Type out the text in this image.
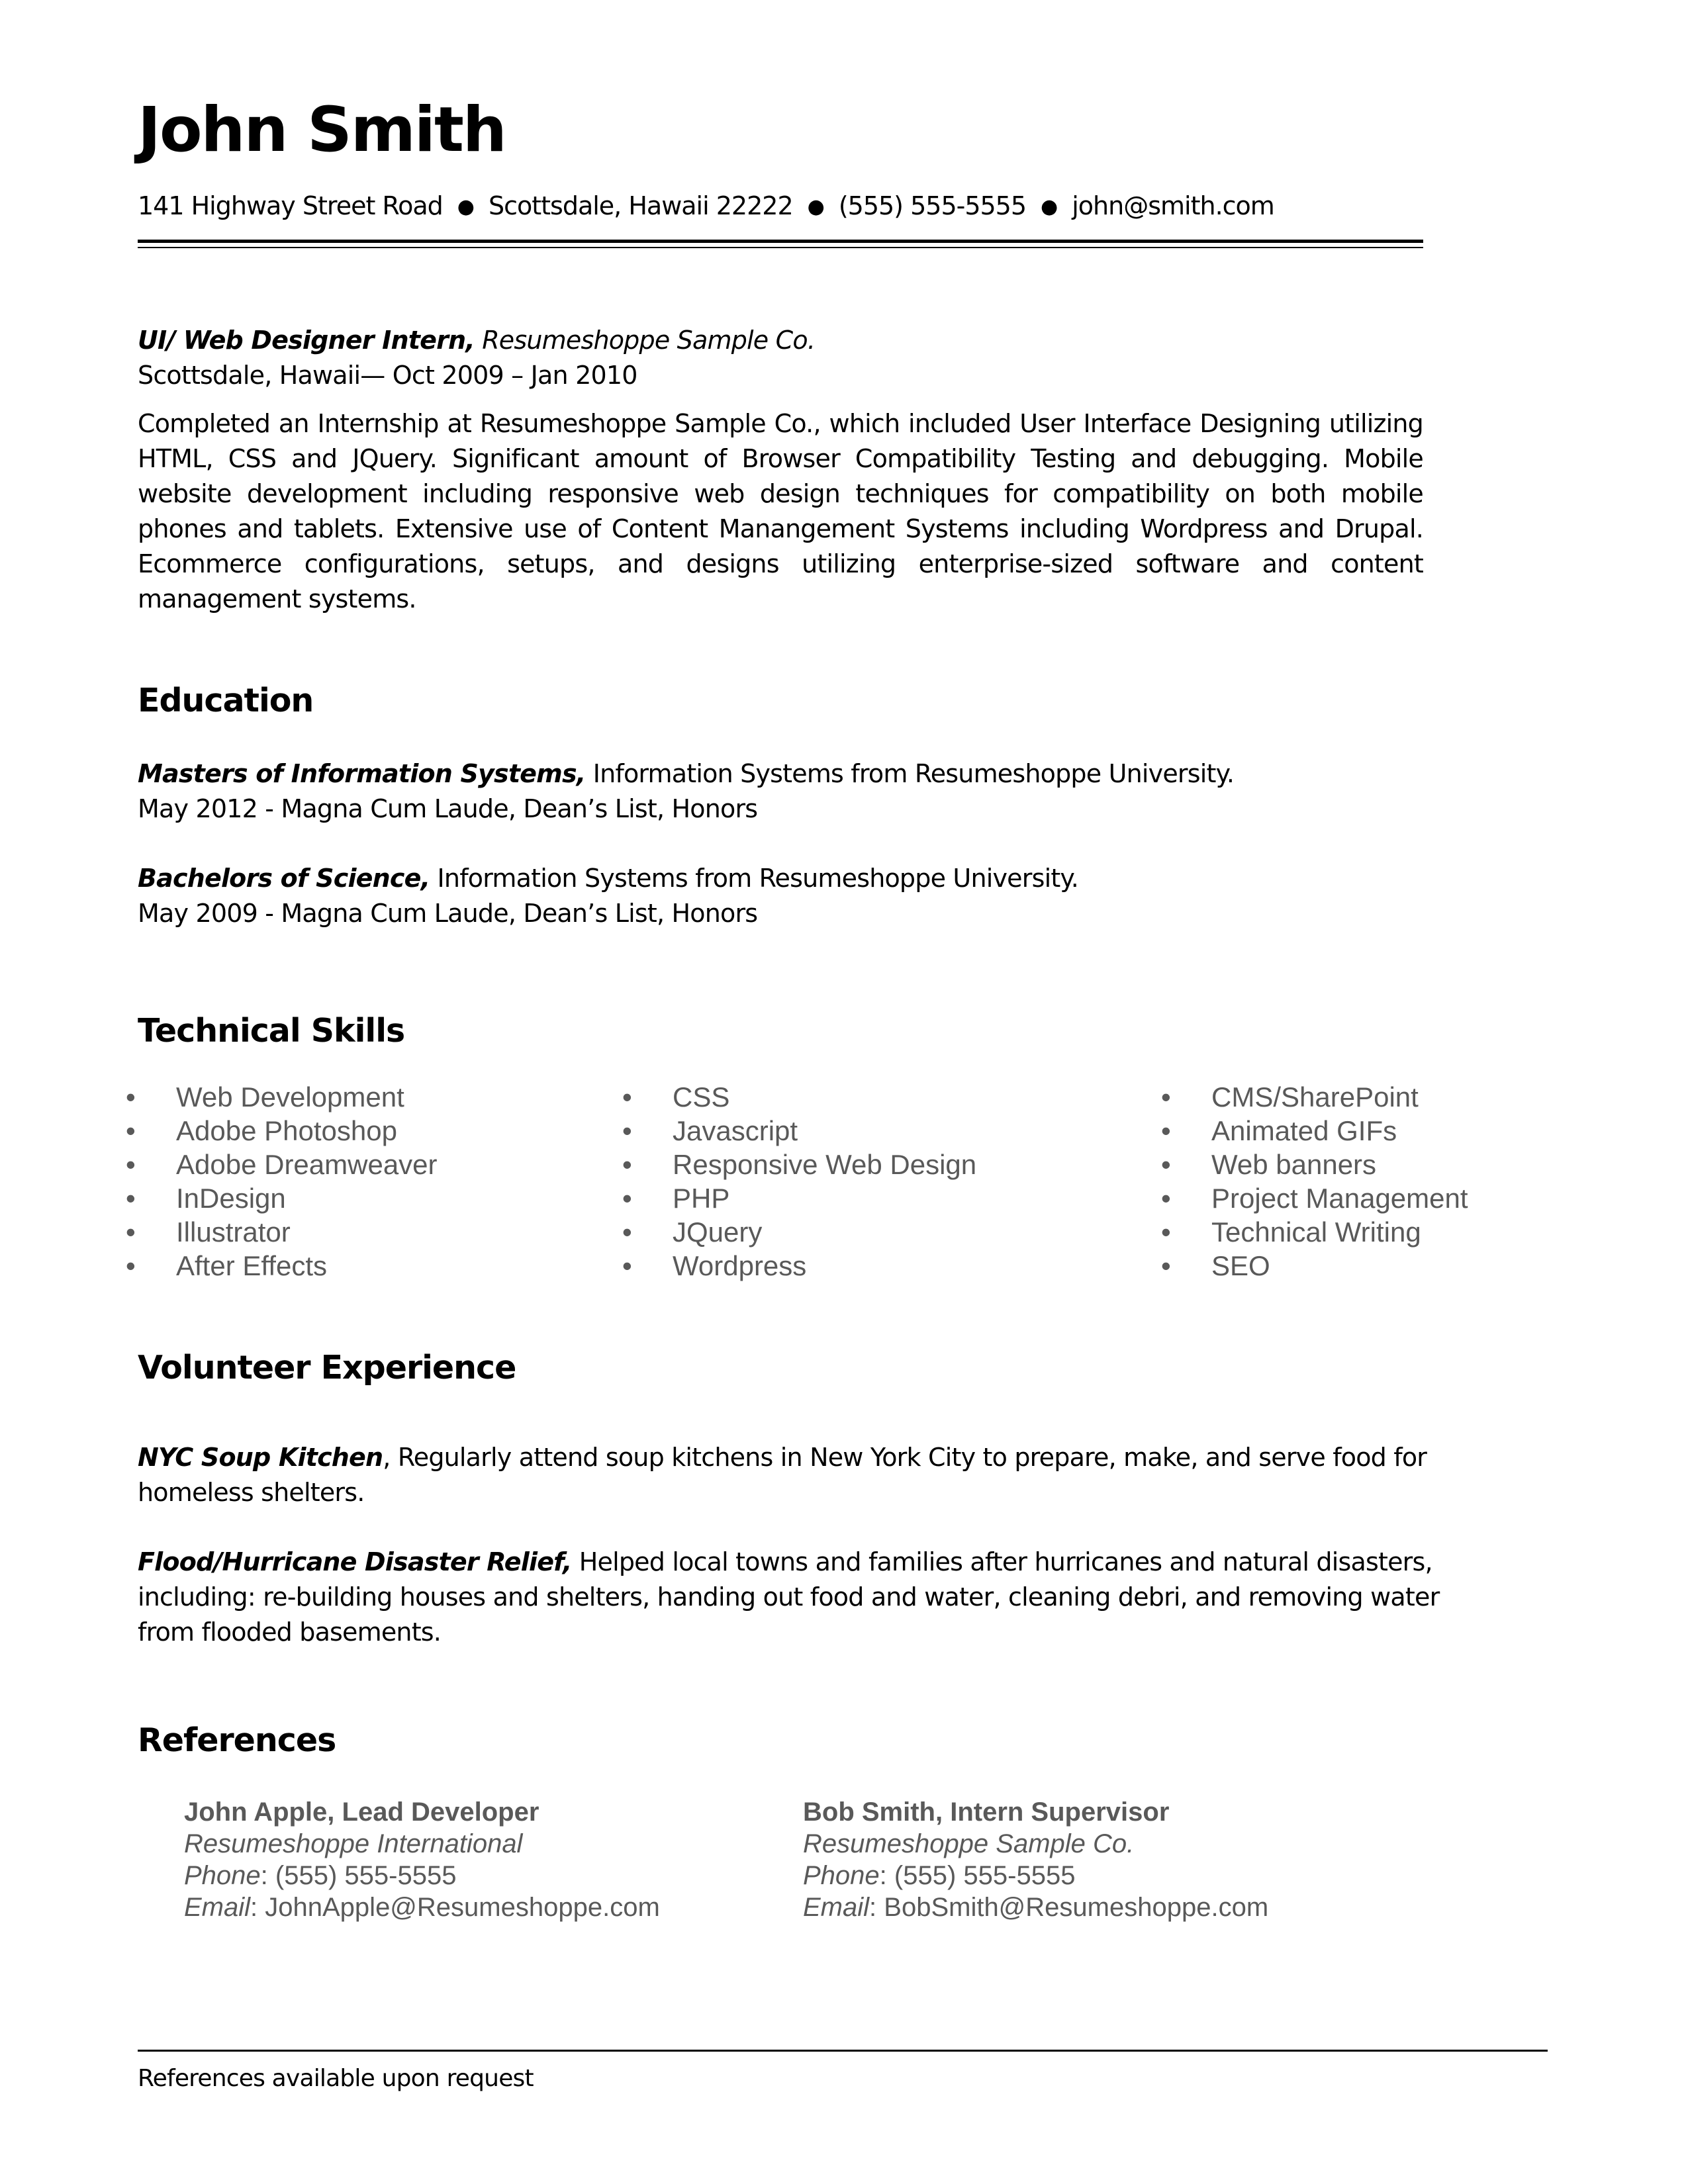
John Smith
141 Highway Street Road ● Scottsdale, Hawaii 22222 ● (555) 555-5555 ● john@smith.com
UI/ Web Designer Intern, Resumeshoppe Sample Co.
Scottsdale, Hawaii— Oct 2009 – Jan 2010
Completed an Internship at Resumeshoppe Sample Co., which included User Interface Designing utilizing HTML, CSS and JQuery. Significant amount of Browser Compatibility Testing and debugging. Mobile website development including responsive web design techniques for compatibility on both mobile phones and tablets. Extensive use of Content Manangement Systems including Wordpress and Drupal. Ecommerce configurations, setups, and designs utilizing enterprise-sized software and content management systems.
Education
Masters of Information Systems, Information Systems from Resumeshoppe University.
May 2012 - Magna Cum Laude, Dean’s List, Honors
Bachelors of Science, Information Systems from Resumeshoppe University.
May 2009 - Magna Cum Laude, Dean’s List, Honors
Technical Skills
• Web Development
• Adobe Photoshop
• Adobe Dreamweaver
• InDesign
• Illustrator
• After Effects
• CSS
• Javascript
• Responsive Web Design
• PHP
• JQuery
• Wordpress
• CMS/SharePoint
• Animated GIFs
• Web banners
• Project Management
• Technical Writing
• SEO
Volunteer Experience
NYC Soup Kitchen, Regularly attend soup kitchens in New York City to prepare, make, and serve food for
homeless shelters.
Flood/Hurricane Disaster Relief, Helped local towns and families after hurricanes and natural disasters,
including: re-building houses and shelters, handing out food and water, cleaning debri, and removing water
from flooded basements.
References
John Apple, Lead Developer
Resumeshoppe International
Phone: (555) 555-5555
Email: JohnApple@Resumeshoppe.com
Bob Smith, Intern Supervisor
Resumeshoppe Sample Co.
Phone: (555) 555-5555
Email: BobSmith@Resumeshoppe.com
References available upon request
